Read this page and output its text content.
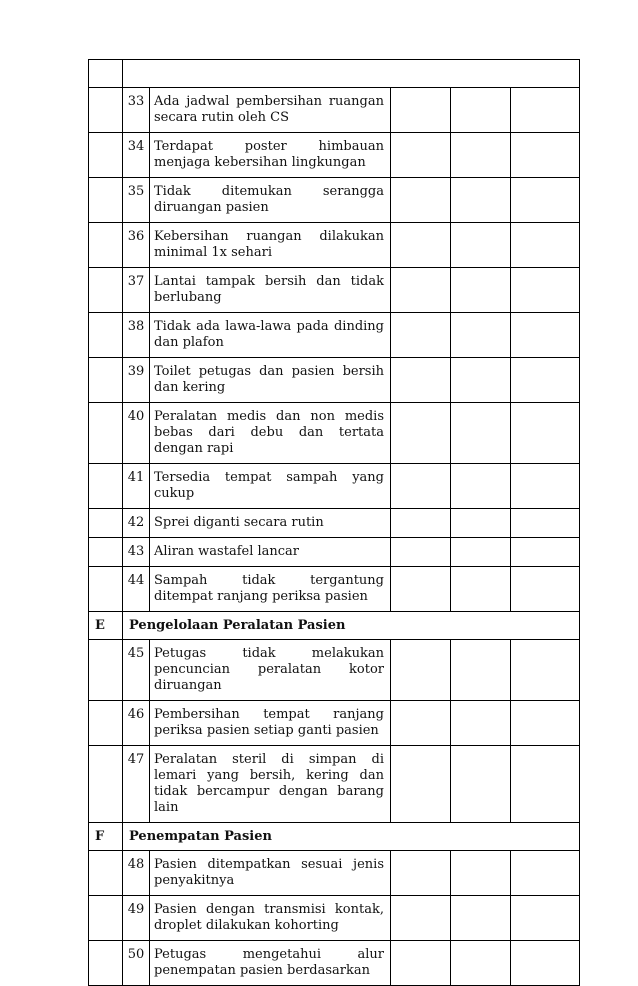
	33	Ada jadwal pembersihan ruangan secara rutin oleh CS			
	34	Terdapat poster himbauan menjaga kebersihan lingkungan			
	35	Tidak ditemukan serangga diruangan pasien			
	36	Kebersihan ruangan dilakukan minimal 1x sehari			
	37	Lantai tampak bersih dan tidak berlubang			
	38	Tidak ada lawa-lawa pada dinding dan plafon			
	39	Toilet petugas dan pasien bersih dan kering			
	40	Peralatan medis dan non medis bebas dari debu dan tertata dengan rapi			
	41	Tersedia tempat sampah yang cukup			
	42	Sprei diganti secara rutin			
	43	Aliran wastafel lancar			
	44	Sampah tidak tergantung ditempat ranjang periksa pasien			
E	Pengelolaan Peralatan Pasien				
	45	Petugas tidak melakukan pencuncian peralatan kotor diruangan			
	46	Pembersihan tempat ranjang periksa pasien setiap ganti pasien			
	47	Peralatan steril di simpan di lemari yang bersih, kering dan tidak bercampur dengan barang lain			
F	Penempatan Pasien				
	48	Pasien ditempatkan sesuai jenis penyakitnya			
	49	Pasien dengan transmisi kontak, droplet dilakukan kohorting			
	50	Petugas mengetahui alur penempatan pasien berdasarkan			
